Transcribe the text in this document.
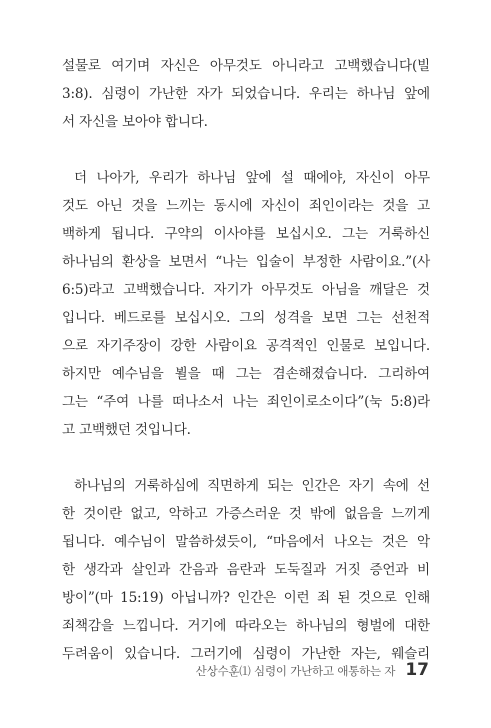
설물로 여기며 자신은 아무것도 아니라고 고백했습니다(빌
3:8). 심령이 가난한 자가 되었습니다. 우리는 하나님 앞에
서 자신을 보아야 합니다.
더 나아가, 우리가 하나님 앞에 설 때에야, 자신이 아무
것도 아닌 것을 느끼는 동시에 자신이 죄인이라는 것을 고
백하게 됩니다. 구약의 이사야를 보십시오. 그는 거룩하신
하나님의 환상을 보면서 “나는 입술이 부정한 사람이요.”(사
6:5)라고 고백했습니다. 자기가 아무것도 아님을 깨달은 것
입니다. 베드로를 보십시오. 그의 성격을 보면 그는 선천적
으로 자기주장이 강한 사람이요 공격적인 인물로 보입니다.
하지만 예수님을 뵐을 때 그는 겸손해졌습니다. 그리하여
그는 “주여 나를 떠나소서 나는 죄인이로소이다”(눅 5:8)라
고 고백했던 것입니다.
하나님의 거룩하심에 직면하게 되는 인간은 자기 속에 선
한 것이란 없고, 악하고 가증스러운 것 밖에 없음을 느끼게
됩니다. 예수님이 말씀하셨듯이, “마음에서 나오는 것은 악
한 생각과 살인과 간음과 음란과 도둑질과 거짓 증언과 비
방이”(마 15:19) 아닙니까? 인간은 이런 죄 된 것으로 인해
죄책감을 느낍니다. 거기에 따라오는 하나님의 형벌에 대한
두려움이 있습니다. 그러기에 심령이 가난한 자는, 웨슬리
산상수훈⑴ 심령이 가난하고 애통하는 자 17
